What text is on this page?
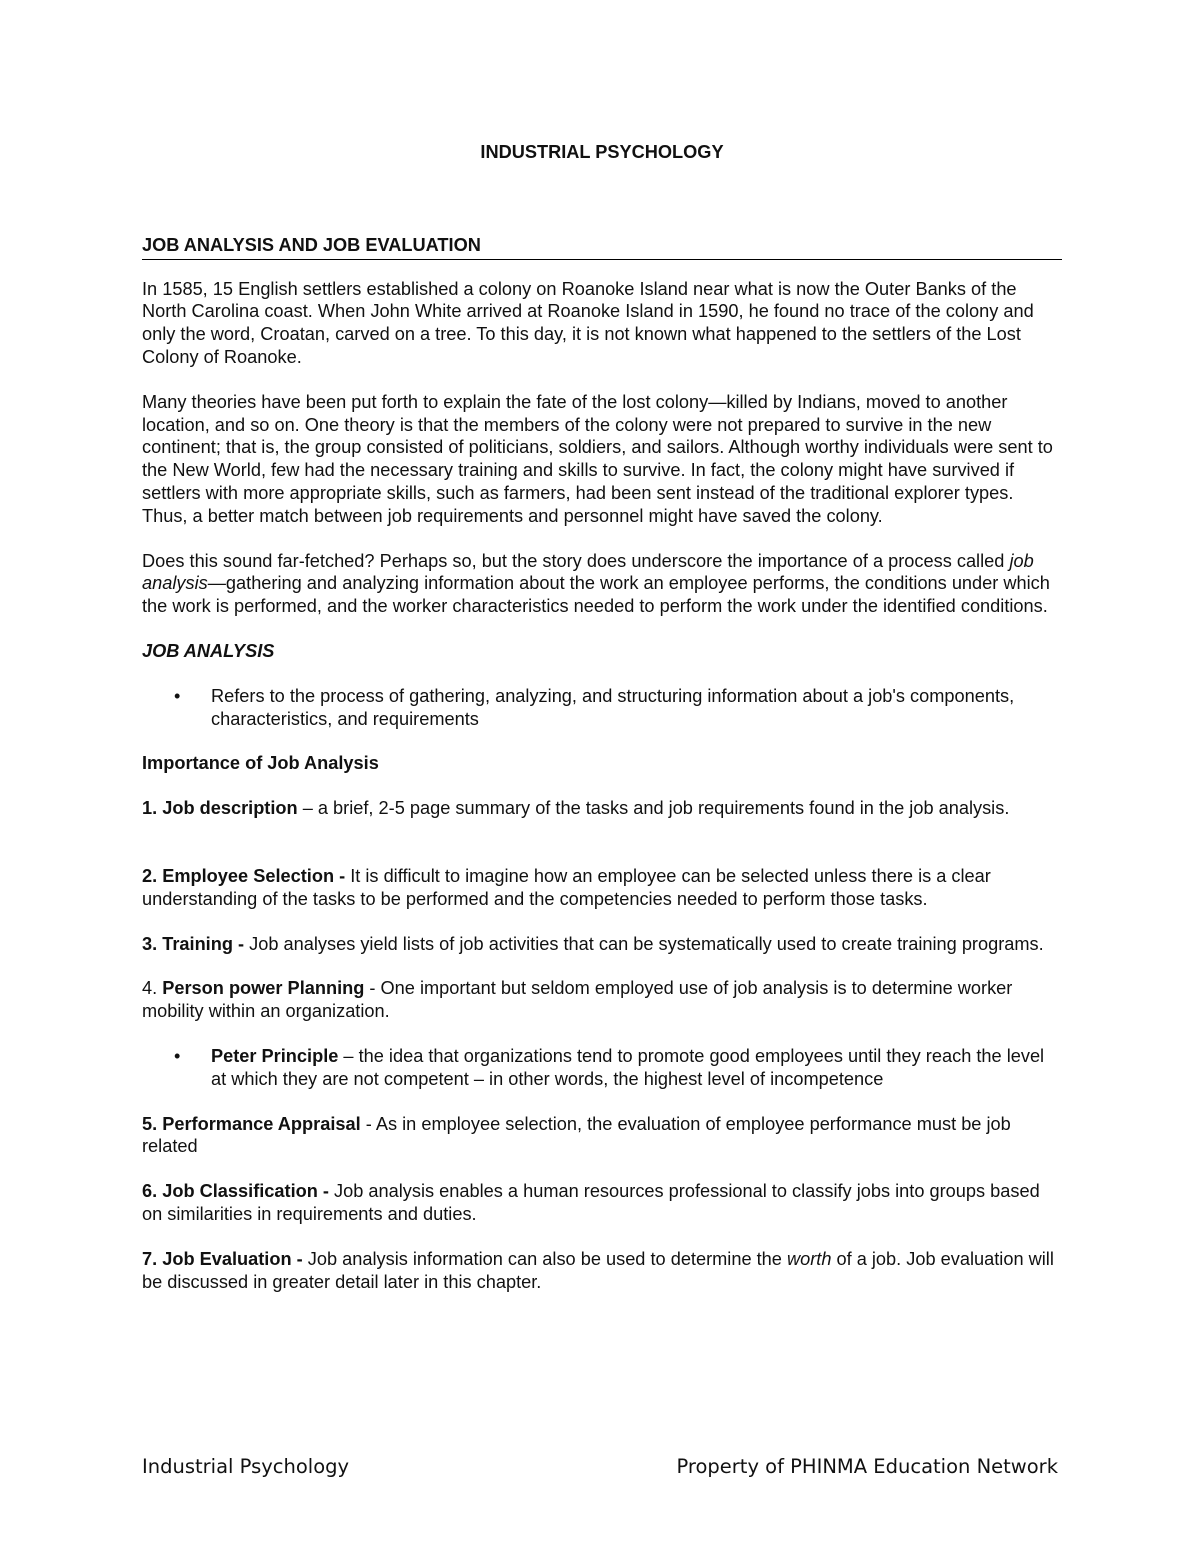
INDUSTRIAL PSYCHOLOGY
JOB ANALYSIS AND JOB EVALUATION

In 1585, 15 English settlers established a colony on Roanoke Island near what is now the Outer Banks of the North Carolina coast. When John White arrived at Roanoke Island in 1590, he found no trace of the colony and only the word, Croatan, carved on a tree. To this day, it is not known what happened to the settlers of the Lost Colony of Roanoke.

Many theories have been put forth to explain the fate of the lost colony—killed by Indians, moved to another location, and so on. One theory is that the members of the colony were not prepared to survive in the new continent; that is, the group consisted of politicians, soldiers, and sailors. Although worthy individuals were sent to the New World, few had the necessary training and skills to survive. In fact, the colony might have survived if settlers with more appropriate skills, such as farmers, had been sent instead of the traditional explorer types. Thus, a better match between job requirements and personnel might have saved the colony.

Does this sound far-fetched? Perhaps so, but the story does underscore the importance of a process called job analysis—gathering and analyzing information about the work an employee performs, the conditions under which the work is performed, and the worker characteristics needed to perform the work under the identified conditions.

JOB ANALYSIS
• Refers to the process of gathering, analyzing, and structuring information about a job's components, characteristics, and requirements
Importance of Job Analysis

1. Job description – a brief, 2-5 page summary of the tasks and job requirements found in the job analysis.

2. Employee Selection - It is difficult to imagine how an employee can be selected unless there is a clear understanding of the tasks to be performed and the competencies needed to perform those tasks.

3. Training - Job analyses yield lists of job activities that can be systematically used to create training programs.

4. Person power Planning - One important but seldom employed use of job analysis is to determine worker mobility within an organization.

• Peter Principle – the idea that organizations tend to promote good employees until they reach the level at which they are not competent – in other words, the highest level of incompetence

5. Performance Appraisal - As in employee selection, the evaluation of employee performance must be job related

6. Job Classification - Job analysis enables a human resources professional to classify jobs into groups based on similarities in requirements and duties.

7. Job Evaluation - Job analysis information can also be used to determine the worth of a job. Job evaluation will be discussed in greater detail later in this chapter.

Industrial Psychology	Property of PHINMA Education Network
